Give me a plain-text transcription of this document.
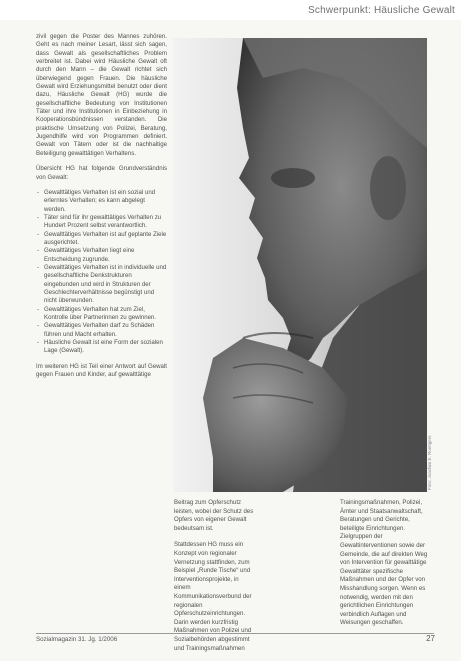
Schwerpunkt: Häusliche Gewalt

zivil gegen die Poster des Mannes zuhören. Geht es nach meiner Lesart, lässt sich sagen, dass Gewalt als gesellschaftliches Problem verbreitet ist. Dabei wird Häusliche Gewalt oft durch den Mann – die Gewalt richtet sich überwiegend gegen Frauen. Die häusliche Gewalt wird Erziehungsmittel benutzt oder dient dazu, Häusliche Gewalt (HG) wurde die gesellschaftliche Bedeutung von Institutionen Täter und ihre Institutionen in Einbeziehung in Kooperationsbündnissen verstanden. Die praktische Umsetzung von Polizei, Beratung, Jugendhilfe wird von Programmen definiert. Gewalt von Tätern oder ist die nachhaltige Beteiligung gewalttätigen Verhaltens.

Übersicht HG hat folgende Grundverständnis von Gewalt:

- Gewalttätiges Verhalten ist ein sozial und erlerntes Verhalten; es kann abgelegt werden.
- Täter sind für ihr gewalttätiges Verhalten zu Hundert Prozent selbst verantwortlich.
- Gewalttätiges Verhalten ist auf geplante Ziele ausgerichtet.
- Gewalttätiges Verhalten liegt eine Entscheidung zugrunde.
- Gewalttätiges Verhalten ist in individuelle und gesellschaftliche Denkstrukturen eingebunden und wird in Strukturen der Geschlechterverhältnisse begünstigt und nicht überwunden.
- Gewalttätiges Verhalten hat zum Ziel, Kontrolle über Partnerinnen zu gewinnen.
- Gewalttätiges Verhalten darf zu Schäden führen und Macht erhalten.
- Häusliche Gewalt ist eine Form der sozialen Lage (Gewalt).

Im weiteren HG ist Teil einer Antwort auf Gewalt gegen Frauen und Kinder, auf gewalttätige

Foto: Joachim E. Roettgers

Beitrag zum Opferschutz leisten, wobei der Schutz des Opfers von eigener Gewalt bedeutsam ist.

Stattdessen HG muss ein Konzept von regionaler Vernetzung stattfinden, zum Beispiel „Runde Tische“ und Interventionsprojekte, in einem Kommunikationsverbund der regionalen Opferschutzeinrichtungen. Darin werden kurzfristig Maßnahmen von Polizei und Sozialbehörden abgestimmt und Trainingsmaßnahmen

Trainingsmaßnahmen, Polizei, Ämter und Staatsanwaltschaft, Beratungen und Gerichte, beteiligte Einrichtungen. Zielgruppen der Gewaltinterventionen sowie der Gemeinde, die auf direkten Weg von Intervention für gewalttätige Gewalttäter spezifische Maßnahmen und der Opfer von Misshandlung sorgen. Wenn es notwendig, werden mit den gerichtlichen Einrichtungen verbindlich Auflagen und Weisungen geschaffen.

Sozialmagazin 31. Jg. 1/2006	27
